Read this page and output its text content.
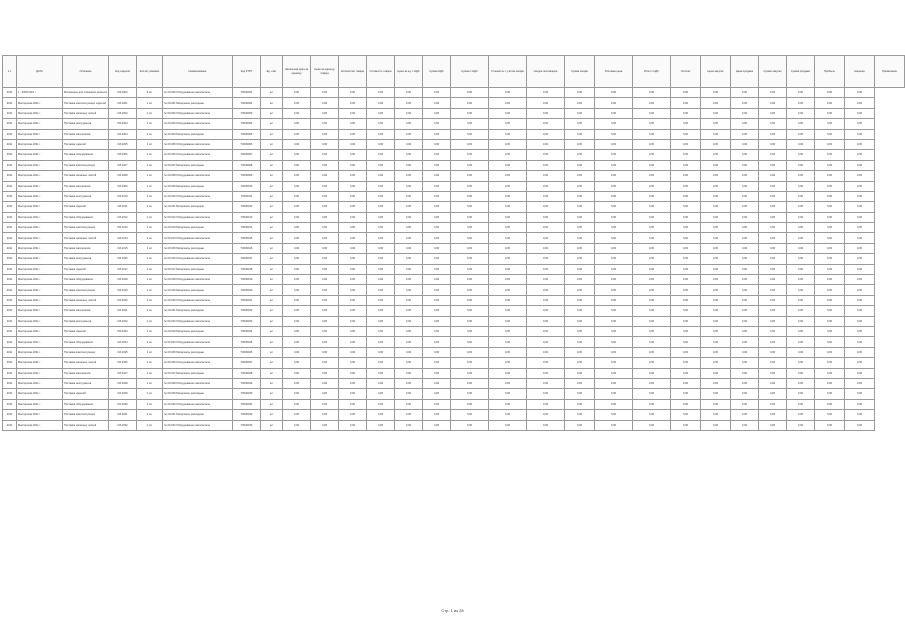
1 c	ДАТА	Описание	Код изделия	Кол-во упаковок	Наименование	Код КТРУ	Ед. изм.	Начальная цена за единицу	Цена за единицу товара	Количество товара	Стоимость товара	Цена за ед. с НДС	Сумма НДС	Сумма с НДС	Стоимость с учётом скидки	Скидка поставщика	Сумма скидки	Итоговая цена	Итого с НДС	Остаток	Цена закупки	Цена продажи	Сумма закупки	Сумма продажи	Прибыль	Наценка	Примечание
2011	1 - 2008-2021 г.	Материалы для планового ремонта	ИЗ-1000	9 шт	№ 00-000 Оборудование комплектное	Т0000001	шт	0,00	0,00	0,00	0,00	0,00	0,00	0,00	0,00	0,00	0,00	0,00	0,00	0,00	0,00	0,00	0,00	0,00	0,00	0,00	
2011	Мастерская 2011 г.	Поставка комплектующих изделий	ИЗ-1001	1 шт	№ 00-001 Материалы расходные	Т0000002	шт	0,00	0,00	0,00	0,00	0,00	0,00	0,00	0,00	0,00	0,00	0,00	0,00	0,00	0,00	0,00	0,00	0,00	0,00	0,00	
2011	Мастерская 2011 г.	Поставка запасных частей	ИЗ-1002	1 шт	№ 00-002 Оборудование комплектное	Т0000003	шт	0,00	0,00	0,00	0,00	0,00	0,00	0,00	0,00	0,00	0,00	0,00	0,00	0,00	0,00	0,00	0,00	0,00	0,00	0,00	
2011	Мастерская 2011 г.	Поставка инструмента	ИЗ-1003	1 шт	№ 00-003 Оборудование комплектное	Т0000004	шт	0,00	0,00	0,00	0,00	0,00	0,00	0,00	0,00	0,00	0,00	0,00	0,00	0,00	0,00	0,00	0,00	0,00	0,00	0,00	
2011	Мастерская 2011 г.	Поставка материалов	ИЗ-1004	1 шт	№ 00-004 Материалы расходные	Т0000005	шт	0,00	0,00	0,00	0,00	0,00	0,00	0,00	0,00	0,00	0,00	0,00	0,00	0,00	0,00	0,00	0,00	0,00	0,00	0,00	
2011	Мастерская 2011 г.	Поставка изделий	ИЗ-1005	1 шт	№ 00-005 Оборудование комплектное	Т0000006	шт	0,00	0,00	0,00	0,00	0,00	0,00	0,00	0,00	0,00	0,00	0,00	0,00	0,00	0,00	0,00	0,00	0,00	0,00	0,00	
2011	Мастерская 2011 г.	Поставка оборудования	ИЗ-1006	1 шт	№ 00-006 Оборудование комплектное	Т0000007	шт	0,00	0,00	0,00	0,00	0,00	0,00	0,00	0,00	0,00	0,00	0,00	0,00	0,00	0,00	0,00	0,00	0,00	0,00	0,00	
2011	Мастерская 2011 г.	Поставка комплектующих	ИЗ-1007	1 шт	№ 00-007 Материалы расходные	Т0000008	шт	0,00	0,00	0,00	0,00	0,00	0,00	0,00	0,00	0,00	0,00	0,00	0,00	0,00	0,00	0,00	0,00	0,00	0,00	0,00	
2011	Мастерская 2011 г.	Поставка запасных частей	ИЗ-1008	1 шт	№ 00-008 Оборудование комплектное	Т0000009	шт	0,00	0,00	0,00	0,00	0,00	0,00	0,00	0,00	0,00	0,00	0,00	0,00	0,00	0,00	0,00	0,00	0,00	0,00	0,00	
2011	Мастерская 2011 г.	Поставка материалов	ИЗ-1009	1 шт	№ 00-009 Материалы расходные	Т0000010	шт	0,00	0,00	0,00	0,00	0,00	0,00	0,00	0,00	0,00	0,00	0,00	0,00	0,00	0,00	0,00	0,00	0,00	0,00	0,00	
2011	Мастерская 2011 г.	Поставка инструмента	ИЗ-1010	1 шт	№ 00-010 Оборудование комплектное	Т0000011	шт	0,00	0,00	0,00	0,00	0,00	0,00	0,00	0,00	0,00	0,00	0,00	0,00	0,00	0,00	0,00	0,00	0,00	0,00	0,00	
2011	Мастерская 2011 г.	Поставка изделий	ИЗ-1011	1 шт	№ 00-011 Материалы расходные	Т0000012	шт	0,00	0,00	0,00	0,00	0,00	0,00	0,00	0,00	0,00	0,00	0,00	0,00	0,00	0,00	0,00	0,00	0,00	0,00	0,00	
2011	Мастерская 2011 г.	Поставка оборудования	ИЗ-1012	1 шт	№ 00-012 Оборудование комплектное	Т0000013	шт	0,00	0,00	0,00	0,00	0,00	0,00	0,00	0,00	0,00	0,00	0,00	0,00	0,00	0,00	0,00	0,00	0,00	0,00	0,00	
2011	Мастерская 2011 г.	Поставка комплектующих	ИЗ-1013	1 шт	№ 00-013 Материалы расходные	Т0000014	шт	0,00	0,00	0,00	0,00	0,00	0,00	0,00	0,00	0,00	0,00	0,00	0,00	0,00	0,00	0,00	0,00	0,00	0,00	0,00	
2011	Мастерская 2011 г.	Поставка запасных частей	ИЗ-1014	1 шт	№ 00-014 Оборудование комплектное	Т0000015	шт	0,00	0,00	0,00	0,00	0,00	0,00	0,00	0,00	0,00	0,00	0,00	0,00	0,00	0,00	0,00	0,00	0,00	0,00	0,00	
2011	Мастерская 2011 г.	Поставка материалов	ИЗ-1015	1 шт	№ 00-015 Материалы расходные	Т0000016	шт	0,00	0,00	0,00	0,00	0,00	0,00	0,00	0,00	0,00	0,00	0,00	0,00	0,00	0,00	0,00	0,00	0,00	0,00	0,00	
2011	Мастерская 2011 г.	Поставка инструмента	ИЗ-1016	1 шт	№ 00-016 Оборудование комплектное	Т0000017	шт	0,00	0,00	0,00	0,00	0,00	0,00	0,00	0,00	0,00	0,00	0,00	0,00	0,00	0,00	0,00	0,00	0,00	0,00	0,00	
2011	Мастерская 2011 г.	Поставка изделий	ИЗ-1017	1 шт	№ 00-017 Материалы расходные	Т0000018	шт	0,00	0,00	0,00	0,00	0,00	0,00	0,00	0,00	0,00	0,00	0,00	0,00	0,00	0,00	0,00	0,00	0,00	0,00	0,00	
2011	Мастерская 2011 г.	Поставка оборудования	ИЗ-1018	1 шт	№ 00-018 Оборудование комплектное	Т0000019	шт	0,00	0,00	0,00	0,00	0,00	0,00	0,00	0,00	0,00	0,00	0,00	0,00	0,00	0,00	0,00	0,00	0,00	0,00	0,00	
2011	Мастерская 2011 г.	Поставка комплектующих	ИЗ-1019	1 шт	№ 00-019 Материалы расходные	Т0000020	шт	0,00	0,00	0,00	0,00	0,00	0,00	0,00	0,00	0,00	0,00	0,00	0,00	0,00	0,00	0,00	0,00	0,00	0,00	0,00	
2011	Мастерская 2011 г.	Поставка запасных частей	ИЗ-1020	1 шт	№ 00-020 Оборудование комплектное	Т0000021	шт	0,00	0,00	0,00	0,00	0,00	0,00	0,00	0,00	0,00	0,00	0,00	0,00	0,00	0,00	0,00	0,00	0,00	0,00	0,00	
2011	Мастерская 2011 г.	Поставка материалов	ИЗ-1021	1 шт	№ 00-021 Материалы расходные	Т0000022	шт	0,00	0,00	0,00	0,00	0,00	0,00	0,00	0,00	0,00	0,00	0,00	0,00	0,00	0,00	0,00	0,00	0,00	0,00	0,00	
2011	Мастерская 2011 г.	Поставка инструмента	ИЗ-1022	1 шт	№ 00-022 Оборудование комплектное	Т0000023	шт	0,00	0,00	0,00	0,00	0,00	0,00	0,00	0,00	0,00	0,00	0,00	0,00	0,00	0,00	0,00	0,00	0,00	0,00	0,00	
2011	Мастерская 2011 г.	Поставка изделий	ИЗ-1023	1 шт	№ 00-023 Материалы расходные	Т0000024	шт	0,00	0,00	0,00	0,00	0,00	0,00	0,00	0,00	0,00	0,00	0,00	0,00	0,00	0,00	0,00	0,00	0,00	0,00	0,00	
2011	Мастерская 2011 г.	Поставка оборудования	ИЗ-1024	1 шт	№ 00-024 Оборудование комплектное	Т0000025	шт	0,00	0,00	0,00	0,00	0,00	0,00	0,00	0,00	0,00	0,00	0,00	0,00	0,00	0,00	0,00	0,00	0,00	0,00	0,00	
2011	Мастерская 2011 г.	Поставка комплектующих	ИЗ-1025	1 шт	№ 00-025 Материалы расходные	Т0000026	шт	0,00	0,00	0,00	0,00	0,00	0,00	0,00	0,00	0,00	0,00	0,00	0,00	0,00	0,00	0,00	0,00	0,00	0,00	0,00	
2011	Мастерская 2011 г.	Поставка запасных частей	ИЗ-1026	1 шт	№ 00-026 Оборудование комплектное	Т0000027	шт	0,00	0,00	0,00	0,00	0,00	0,00	0,00	0,00	0,00	0,00	0,00	0,00	0,00	0,00	0,00	0,00	0,00	0,00	0,00	
2011	Мастерская 2011 г.	Поставка материалов	ИЗ-1027	1 шт	№ 00-027 Материалы расходные	Т0000028	шт	0,00	0,00	0,00	0,00	0,00	0,00	0,00	0,00	0,00	0,00	0,00	0,00	0,00	0,00	0,00	0,00	0,00	0,00	0,00	
2011	Мастерская 2011 г.	Поставка инструмента	ИЗ-1028	1 шт	№ 00-028 Оборудование комплектное	Т0000029	шт	0,00	0,00	0,00	0,00	0,00	0,00	0,00	0,00	0,00	0,00	0,00	0,00	0,00	0,00	0,00	0,00	0,00	0,00	0,00	
2011	Мастерская 2011 г.	Поставка изделий	ИЗ-1029	1 шт	№ 00-029 Материалы расходные	Т0000030	шт	0,00	0,00	0,00	0,00	0,00	0,00	0,00	0,00	0,00	0,00	0,00	0,00	0,00	0,00	0,00	0,00	0,00	0,00	0,00	
2011	Мастерская 2011 г.	Поставка оборудования	ИЗ-1030	1 шт	№ 00-030 Оборудование комплектное	Т0000031	шт	0,00	0,00	0,00	0,00	0,00	0,00	0,00	0,00	0,00	0,00	0,00	0,00	0,00	0,00	0,00	0,00	0,00	0,00	0,00	
2011	Мастерская 2011 г.	Поставка комплектующих	ИЗ-1031	1 шт	№ 00-031 Материалы расходные	Т0000032	шт	0,00	0,00	0,00	0,00	0,00	0,00	0,00	0,00	0,00	0,00	0,00	0,00	0,00	0,00	0,00	0,00	0,00	0,00	0,00	
2011	Мастерская 2011 г.	Поставка запасных частей	ИЗ-1032	1 шт	№ 00-032 Оборудование комплектное	Т0000033	шт	0,00	0,00	0,00	0,00	0,00	0,00	0,00	0,00	0,00	0,00	0,00	0,00	0,00	0,00	0,00	0,00	0,00	0,00	0,00	
Стр. 1 из 28
